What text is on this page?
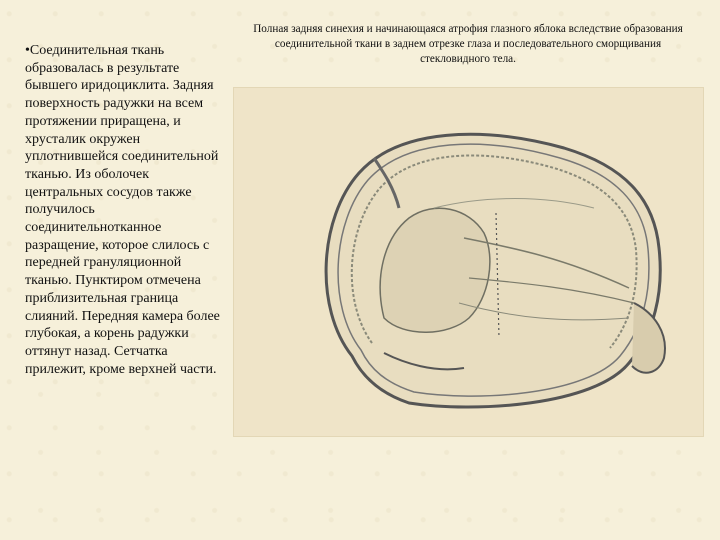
•Соединительная ткань образовалась в результате бывшего иридоциклита. Задняя поверхность радужки на всем протяжении приращена, и хрусталик окружен уплотнившейся соединительной тканью. Из оболочек центральных сосудов также получилось соединительнотканное разращение, которое слилось с передней грануляционной тканью. Пунктиром отмечена приблизительная граница слияний. Передняя камера более глубокая, а корень радужки оттянут назад. Сетчатка прилежит, кроме верхней части.

Полная задняя синехия и начинающаяся атрофия глазного яблока вследствие образования соединительной ткани в заднем отрезке глаза и последовательного сморщивания стекловидного тела.
